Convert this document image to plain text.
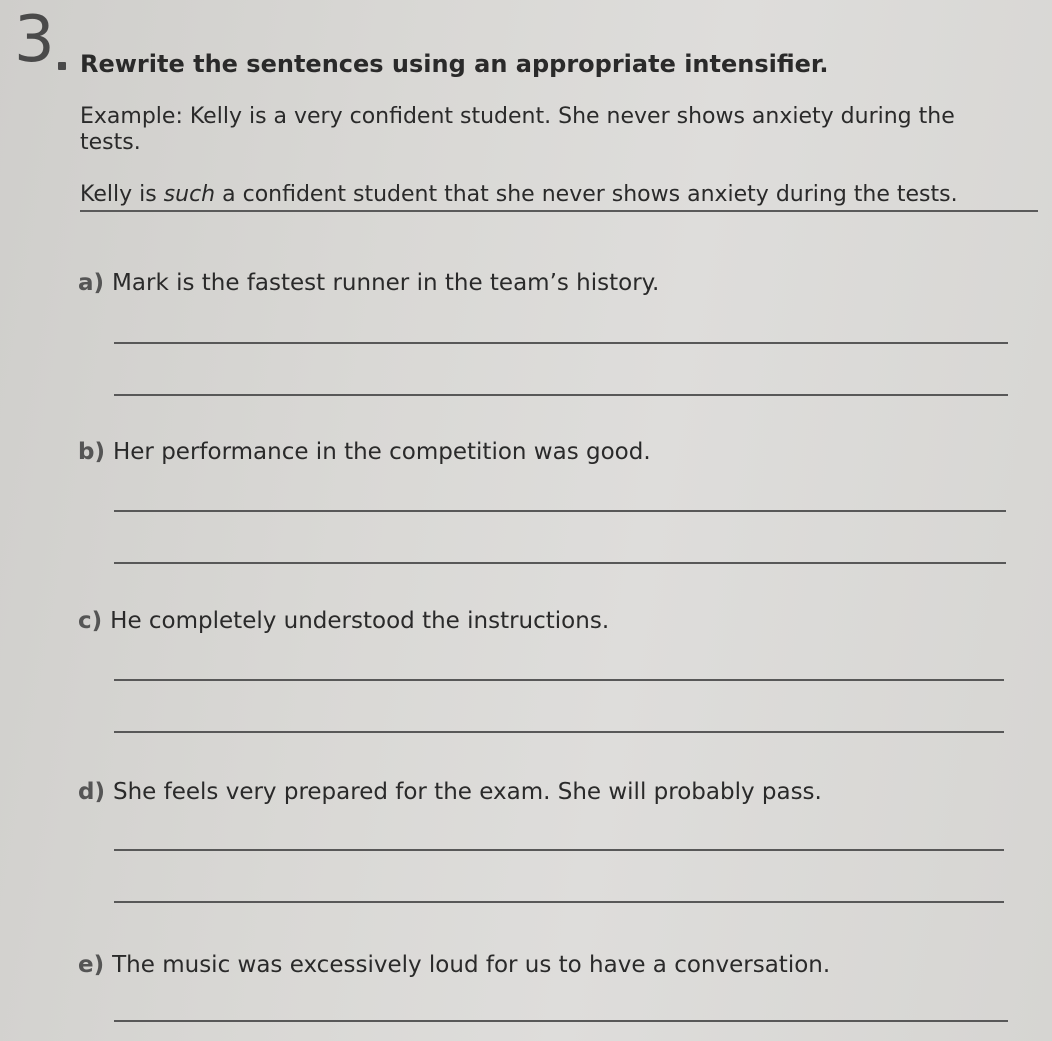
3 Rewrite the sentences using an appropriate intensifier.
Example: Kelly is a very confident student. She never shows anxiety during the tests.
Kelly is such a confident student that she never shows anxiety during the tests.
a) Mark is the fastest runner in the team’s history.
b) Her performance in the competition was good.
c) He completely understood the instructions.
d) She feels very prepared for the exam. She will probably pass.
e) The music was excessively loud for us to have a conversation.
